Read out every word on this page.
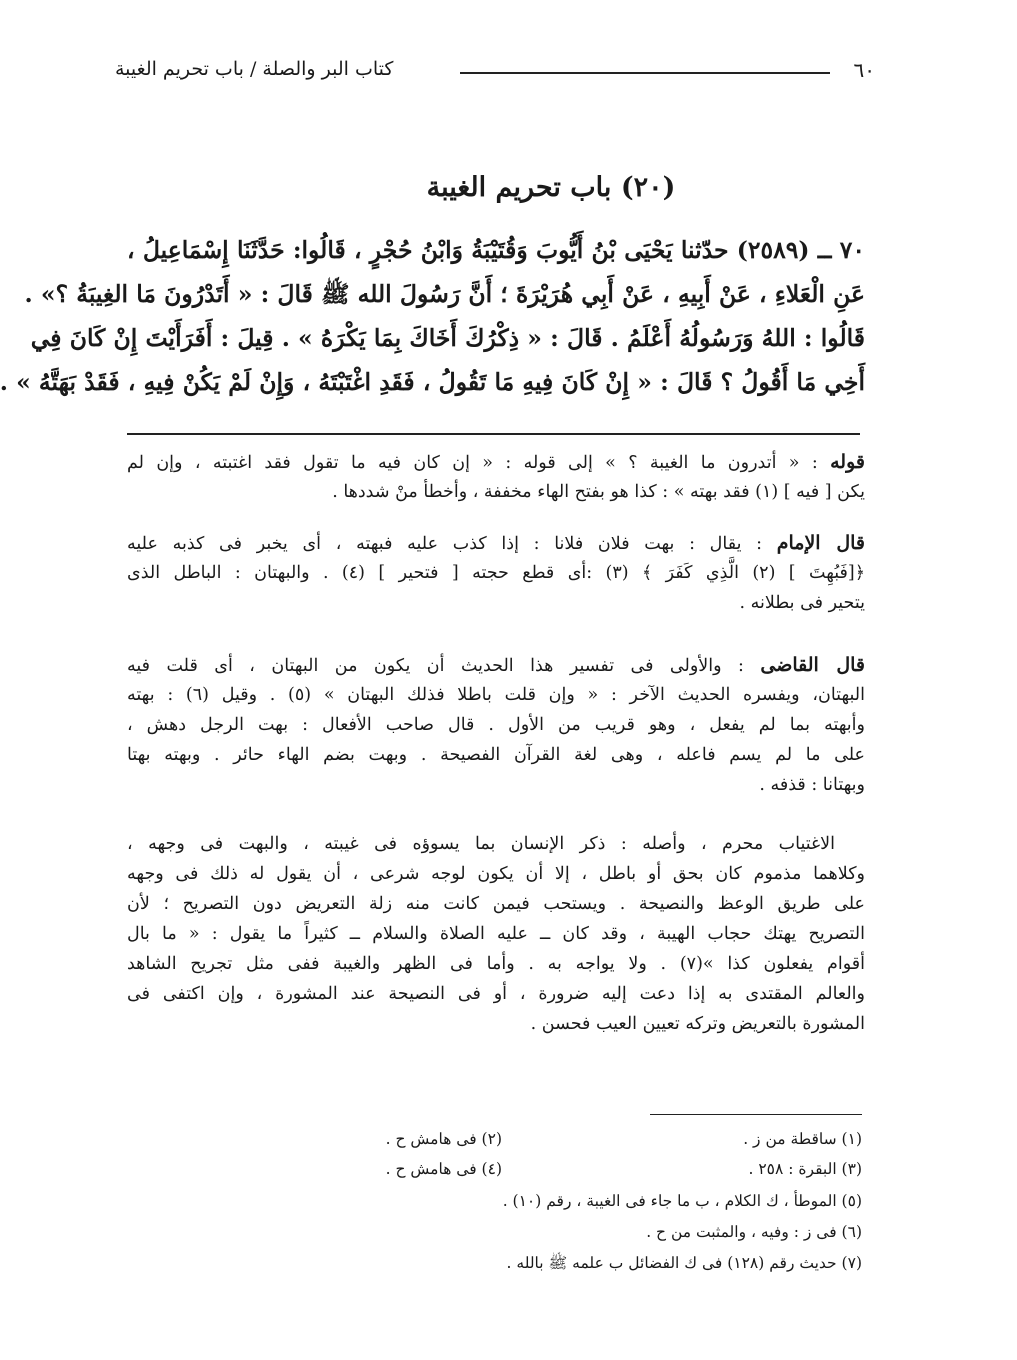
٦٠
كتاب البر والصلة / باب تحريم الغيبة
(٢٠) باب تحريم الغيبة
٧٠ ــ (٢٥٨٩) حدّثنا يَحْيَى بْنُ أَيُّوبَ وَقُتَيْبَةُ وَابْنُ حُجْرٍ ، قَالُوا: حَدَّثَنَا إِسْمَاعِيلُ ،
عَنِ الْعَلاءِ ، عَنْ أَبِيهِ ، عَنْ أَبِي هُرَيْرَةَ ؛ أَنَّ رَسُولَ الله ﷺ قَالَ : « أَتَدْرُونَ مَا الغِيبَةُ ؟» .
قَالُوا : اللهُ وَرَسُولُهُ أَعْلَمُ . قَالَ : « ذِكْرُكَ أَخَاكَ بِمَا يَكْرَهُ » . قِيلَ : أَفَرَأَيْتَ إِنْ كَانَ فِي
أَخِي مَا أَقُولُ ؟ قَالَ : « إِنْ كَانَ فِيهِ مَا تَقُولُ ، فَقَدِ اغْتَبْتَهُ ، وَإِنْ لَمْ يَكُنْ فِيهِ ، فَقَدْ بَهَتَّهُ » .
قوله : « أتدرون ما الغيبة ؟ » إلى قوله : « إن كان فيه ما تقول فقد اغتبته ، وإن لم
يكن [ فيه ] (١) فقد بهته » : كذا هو بفتح الهاء مخففة ، وأخطأ منْ شددها .
قال الإمام : يقال : بهت فلان فلانا : إذا كذب عليه فبهته ، أى يخبر فى كذبه عليه
﴿[فَبُهِتَ ] (٢) الَّذِي كَفَرَ ﴾ (٣) :أى قطع حجته [ فتحير ] (٤) . والبهتان : الباطل الذى
يتحير فى بطلانه .
قال القاضى : والأولى فى تفسير هذا الحديث أن يكون من البهتان ، أى قلت فيه
البهتان، ويفسره الحديث الآخر : « وإن قلت باطلا فذلك البهتان » (٥) . وقيل (٦) : بهته
وأبهته بما لم يفعل ، وهو قريب من الأول . قال صاحب الأفعال : بهت الرجل دهش ،
على ما لم يسم فاعله ، وهى لغة القرآن الفصيحة . وبهت بضم الهاء حائر . وبهته بهتا
وبهتانا : قذفه .
الاغتياب محرم ، وأصله : ذكر الإنسان بما يسوؤه فى غيبته ، والبهت فى وجهه ،
وكلاهما مذموم كان بحق أو باطل ، إلا أن يكون لوجه شرعى ، أن يقول له ذلك فى وجهه
على طريق الوعظ والنصيحة . ويستحب فيمن كانت منه زلة التعريض دون التصريح ؛ لأن
التصريح يهتك حجاب الهيبة ، وقد كان ــ عليه الصلاة والسلام ــ كثيراً ما يقول : « ما بال
أقوام يفعلون كذا »(٧) . ولا يواجه به . وأما فى الظهر والغيبة ففى مثل تجريح الشاهد
والعالم المقتدى به إذا دعت إليه ضرورة ، أو فى النصيحة عند المشورة ، وإن اكتفى فى
المشورة بالتعريض وتركه تعيين العيب فحسن .
(١) ساقطة من ز .
(٢) فى هامش ح .
(٣) البقرة : ٢٥٨ .
(٤) فى هامش ح .
(٥) الموطأ ، ك الكلام ، ب ما جاء فى الغيبة ، رقم (١٠) .
(٦) فى ز : وفيه ، والمثبت من ح .
(٧) حديث رقم (١٢٨) فى ك الفضائل ب علمه ﷺ بالله .
